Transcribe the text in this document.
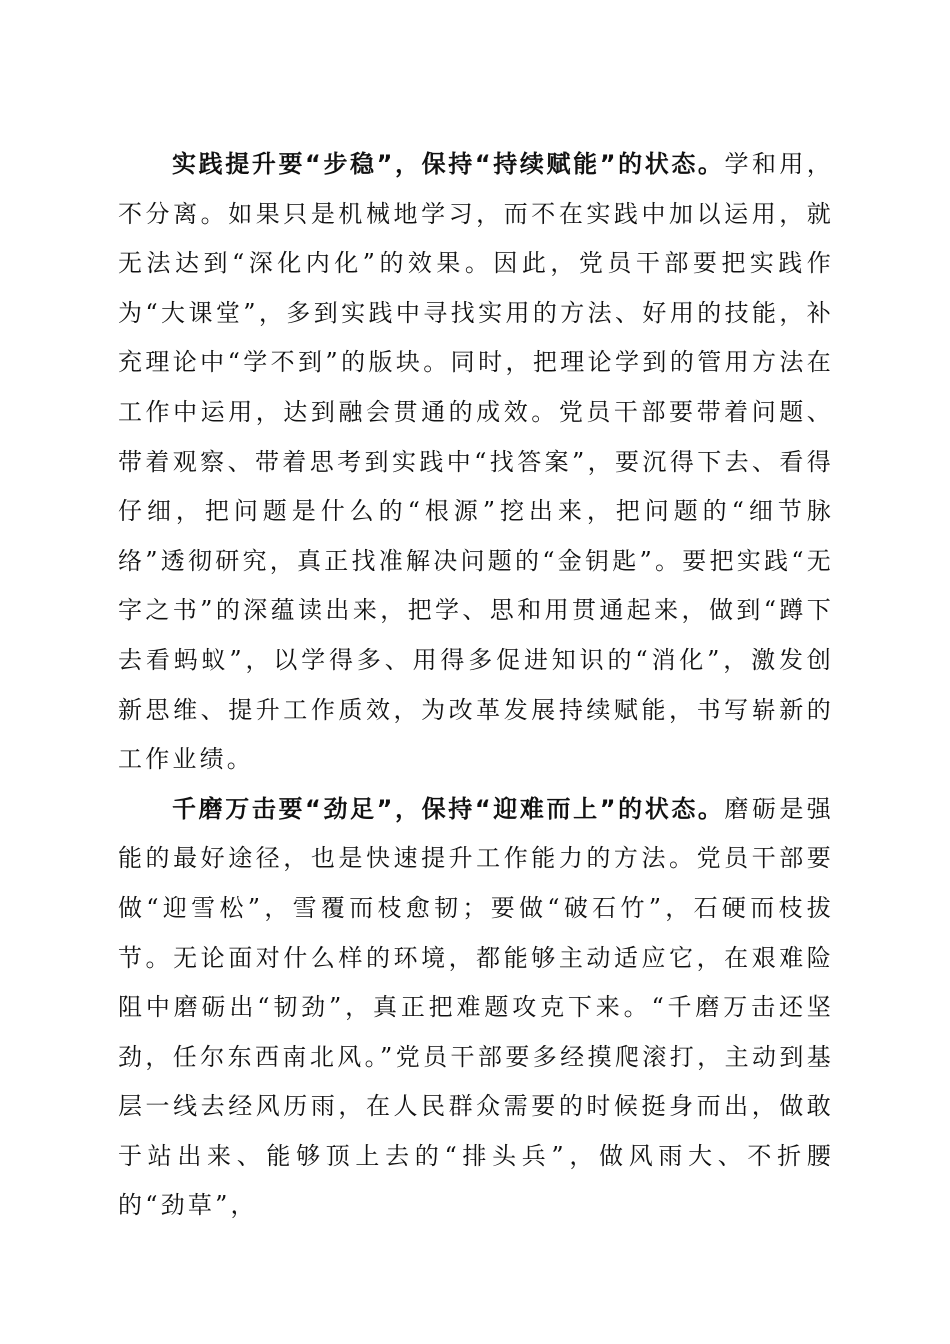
实践提升要“步稳”，保持“持续赋能”的状态。学和用，不分离。如果只是机械地学习，而不在实践中加以运用，就无法达到“深化内化”的效果。因此，党员干部要把实践作为“大课堂”，多到实践中寻找实用的方法、好用的技能，补充理论中“学不到”的版块。同时，把理论学到的管用方法在工作中运用，达到融会贯通的成效。党员干部要带着问题、带着观察、带着思考到实践中“找答案”，要沉得下去、看得仔细，把问题是什么的“根源”挖出来，把问题的“细节脉络”透彻研究，真正找准解决问题的“金钥匙”。要把实践“无字之书”的深蕴读出来，把学、思和用贯通起来，做到“蹲下去看蚂蚁”，以学得多、用得多促进知识的“消化”，激发创新思维、提升工作质效，为改革发展持续赋能，书写崭新的工作业绩。

千磨万击要“劲足”，保持“迎难而上”的状态。磨砺是强能的最好途径，也是快速提升工作能力的方法。党员干部要做“迎雪松”，雪覆而枝愈韧；要做“破石竹”，石硬而枝拔节。无论面对什么样的环境，都能够主动适应它，在艰难险阻中磨砺出“韧劲”，真正把难题攻克下来。“千磨万击还坚劲，任尔东西南北风。”党员干部要多经摸爬滚打，主动到基层一线去经风历雨，在人民群众需要的时候挺身而出，做敢于站出来、能够顶上去的“排头兵”，做风雨大、不折腰的“劲草”，
